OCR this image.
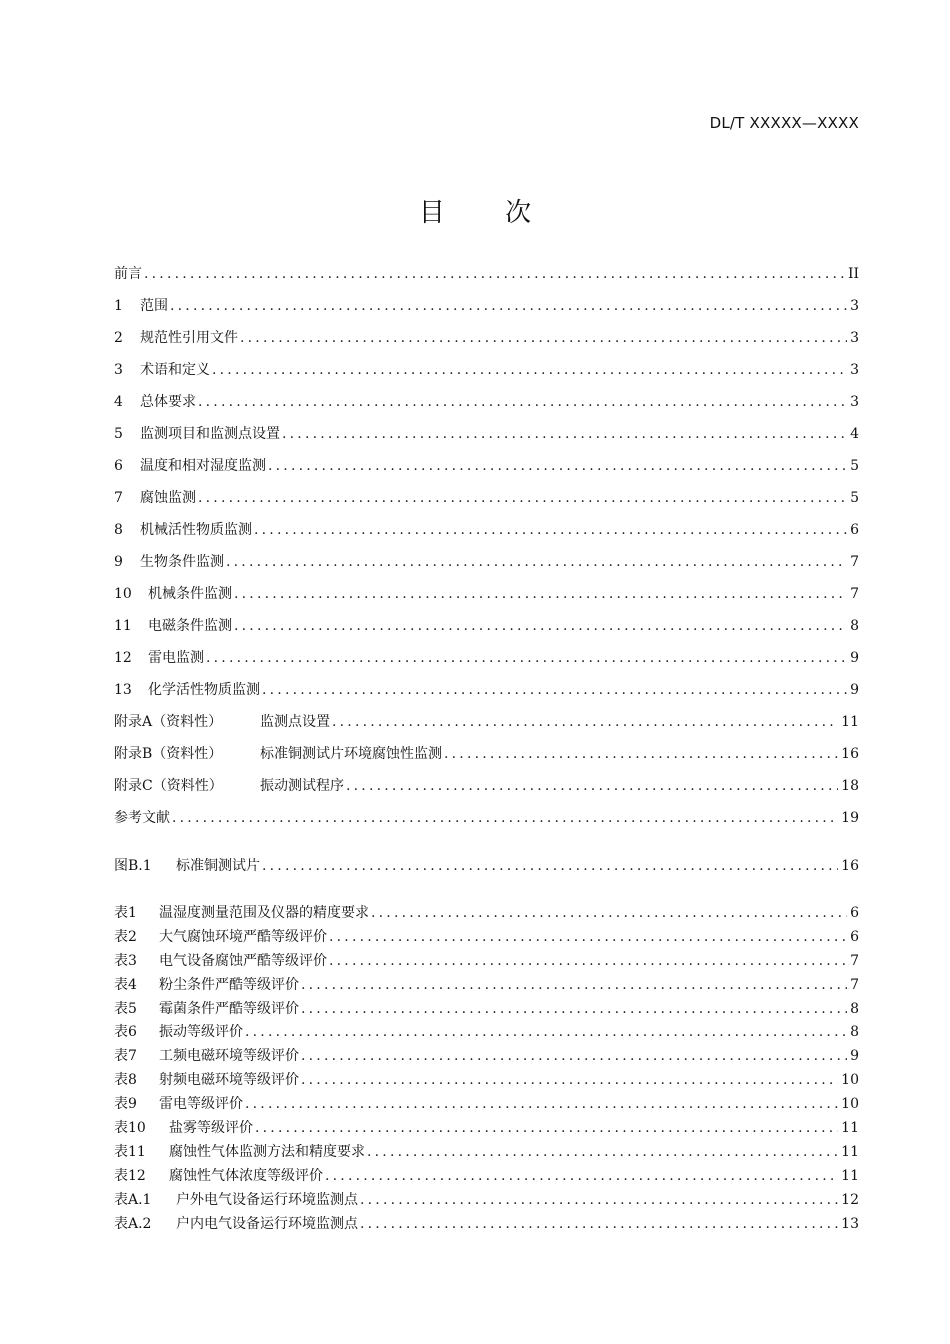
DL/T XXXXX—XXXX
目 次
前言 .....	II
1	范围 .....	3
2	规范性引用文件 .....	3
3	术语和定义 .....	3
4	总体要求 .....	3
5	监测项目和监测点设置 .....	4
6	温度和相对湿度监测 .....	5
7	腐蚀监测 .....	5
8	机械活性物质监测 .....	6
9	生物条件监测 .....	7
10	机械条件监测 .....	7
11	电磁条件监测 .....	8
12	雷电监测 .....	9
13	化学活性物质监测 .....	9
附录A（资料性）	监测点设置 .....	11
附录B（资料性）	标准铜测试片环境腐蚀性监测 .....	16
附录C（资料性）	振动测试程序 .....	18
参考文献 .....	19
图B.1	标准铜测试片 .....	16
表1	温湿度测量范围及仪器的精度要求 .....	6
表2	大气腐蚀环境严酷等级评价 .....	6
表3	电气设备腐蚀严酷等级评价 .....	7
表4	粉尘条件严酷等级评价 .....	7
表5	霉菌条件严酷等级评价 .....	8
表6	振动等级评价 .....	8
表7	工频电磁环境等级评价 .....	9
表8	射频电磁环境等级评价 .....	10
表9	雷电等级评价 .....	10
表10	盐雾等级评价 .....	11
表11	腐蚀性气体监测方法和精度要求 .....	11
表12	腐蚀性气体浓度等级评价 .....	11
表A.1	户外电气设备运行环境监测点 .....	12
表A.2	户内电气设备运行环境监测点 .....	13
